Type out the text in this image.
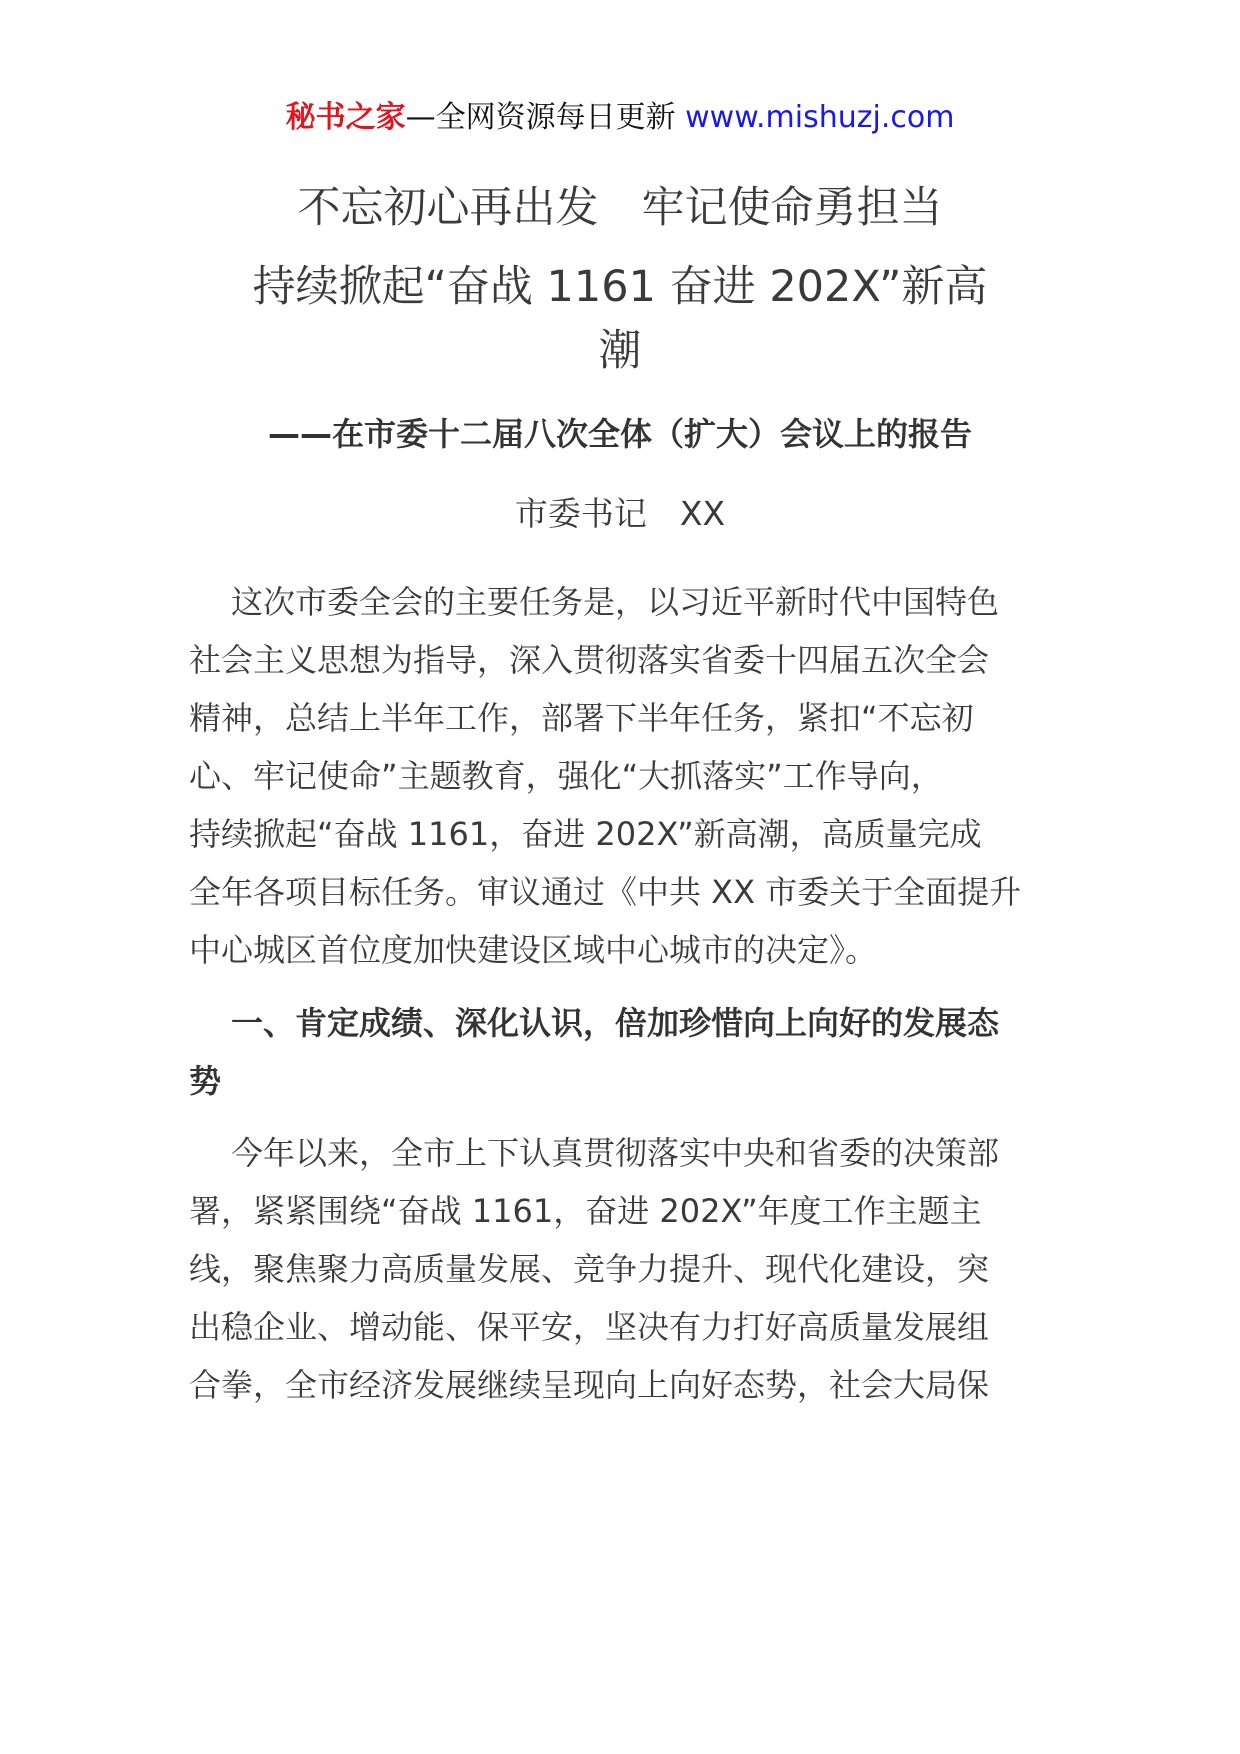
秘书之家—全网资源每日更新 www.mishuzj.com
不忘初心再出发　牢记使命勇担当
持续掀起“奋战 1161 奋进 202X”新高
潮
——在市委十二届八次全体（扩大）会议上的报告
市委书记　XX
这次市委全会的主要任务是，以习近平新时代中国特色
社会主义思想为指导，深入贯彻落实省委十四届五次全会
精神，总结上半年工作，部署下半年任务，紧扣“不忘初
心、牢记使命”主题教育，强化“大抓落实”工作导向，
持续掀起“奋战 1161，奋进 202X”新高潮，高质量完成
全年各项目标任务。审议通过《中共 XX 市委关于全面提升
中心城区首位度加快建设区域中心城市的决定》。
一、肯定成绩、深化认识，倍加珍惜向上向好的发展态
势
今年以来，全市上下认真贯彻落实中央和省委的决策部
署，紧紧围绕“奋战 1161，奋进 202X”年度工作主题主
线，聚焦聚力高质量发展、竞争力提升、现代化建设，突
出稳企业、增动能、保平安，坚决有力打好高质量发展组
合拳，全市经济发展继续呈现向上向好态势，社会大局保
